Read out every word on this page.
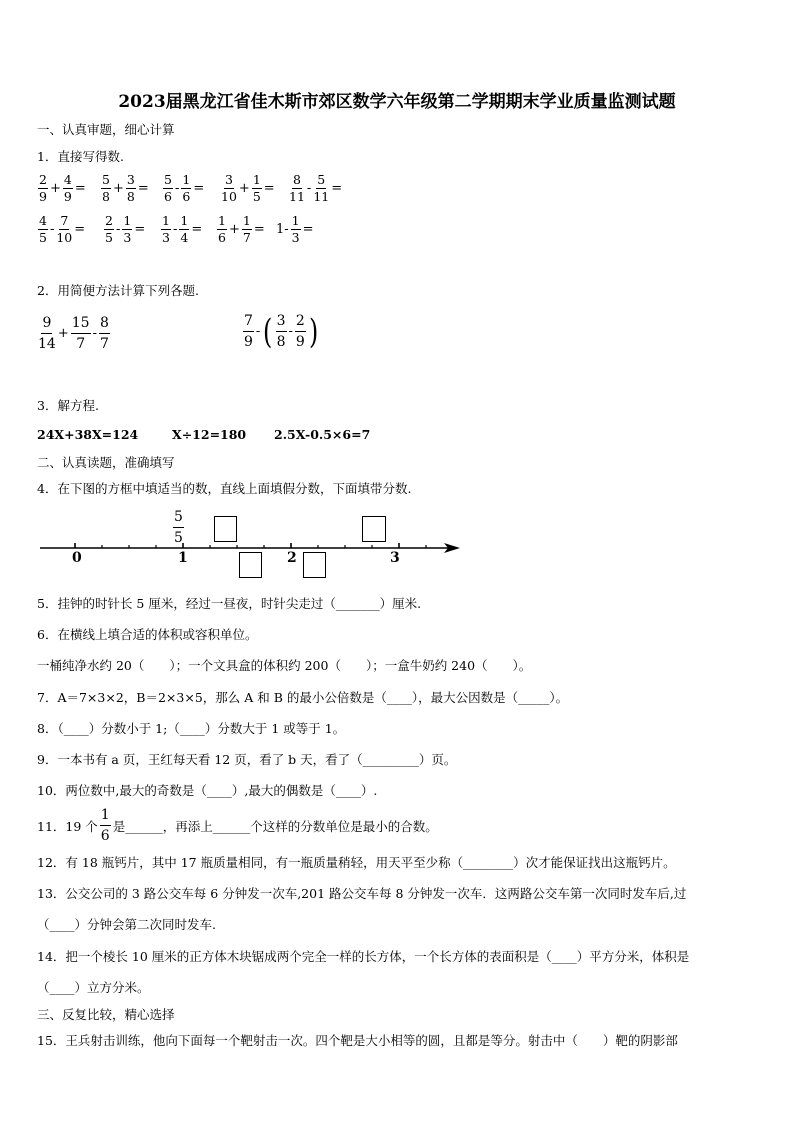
2023届黑龙江省佳木斯市郊区数学六年级第二学期期末学业质量监测试题
一、认真审题，细心计算
1．直接写得数.
$\frac{2}{9} + \frac{4}{9} = \frac{5}{8} + \frac{3}{8} = \frac{5}{6} - \frac{1}{6} = \frac{3}{10} + \frac{1}{5} = \frac{8}{11} - \frac{5}{11}$ =
$\frac{4}{5} - \frac{7}{10} = \frac{2}{5} - \frac{1}{3} = \frac{1}{3} - \frac{1}{4} = \frac{1}{6} + \frac{1}{7} = 1- \frac{1}{3}$ =
2．用简便方法计算下列各题.
$\frac{9}{14} + \frac{15}{7} - \frac{8}{7}$	$\frac{7}{9}$ - ( $\frac{3}{8} - \frac{2}{9}$ )
3．解方程.
24X+38X=124	X÷12=180 2.5X-0.5×6=7
二、认真读题，准确填写
4．在下图的方框中填适当的数，直线上面填假分数，下面填带分数.
0	1	2	3
$\frac{5}{5}$
5．挂钟的时针长 5 厘米，经过一昼夜，时针尖走过（_______）厘米.
6．在横线上填合适的体积或容积单位。
一桶纯净水约 20（　　）；一个文具盒的体积约 200（　　）；一盒牛奶约 240（　　）。
7．A＝7×3×2，B＝2×3×5，那么 A 和 B 的最小公倍数是（____），最大公因数是（_____）。
8．（____）分数小于 1;（____）分数大于 1 或等于 1。
9．一本书有 a 页，王红每天看 12 页，看了 b 天，看了（_________）页。
10．两位数中,最大的奇数是（____）,最大的偶数是（____）.
11．19 个 $\frac{1}{6}$ 是______，再添上______个这样的分数单位是最小的合数。
12．有 18 瓶钙片，其中 17 瓶质量相同，有一瓶质量稍轻，用天平至少称（________）次才能保证找出这瓶钙片。
13．公交公司的 3 路公交车每 6 分钟发一次车,201 路公交车每 8 分钟发一次车．这两路公交车第一次同时发车后,过
（____）分钟会第二次同时发车.
14．把一个棱长 10 厘米的正方体木块锯成两个完全一样的长方体，一个长方体的表面积是（____）平方分米，体积是
（____）立方分米。
三、反复比较，精心选择
15．王兵射击训练，他向下面每一个靶射击一次。四个靶是大小相等的圆，且都是等分。射击中（　　）靶的阴影部
